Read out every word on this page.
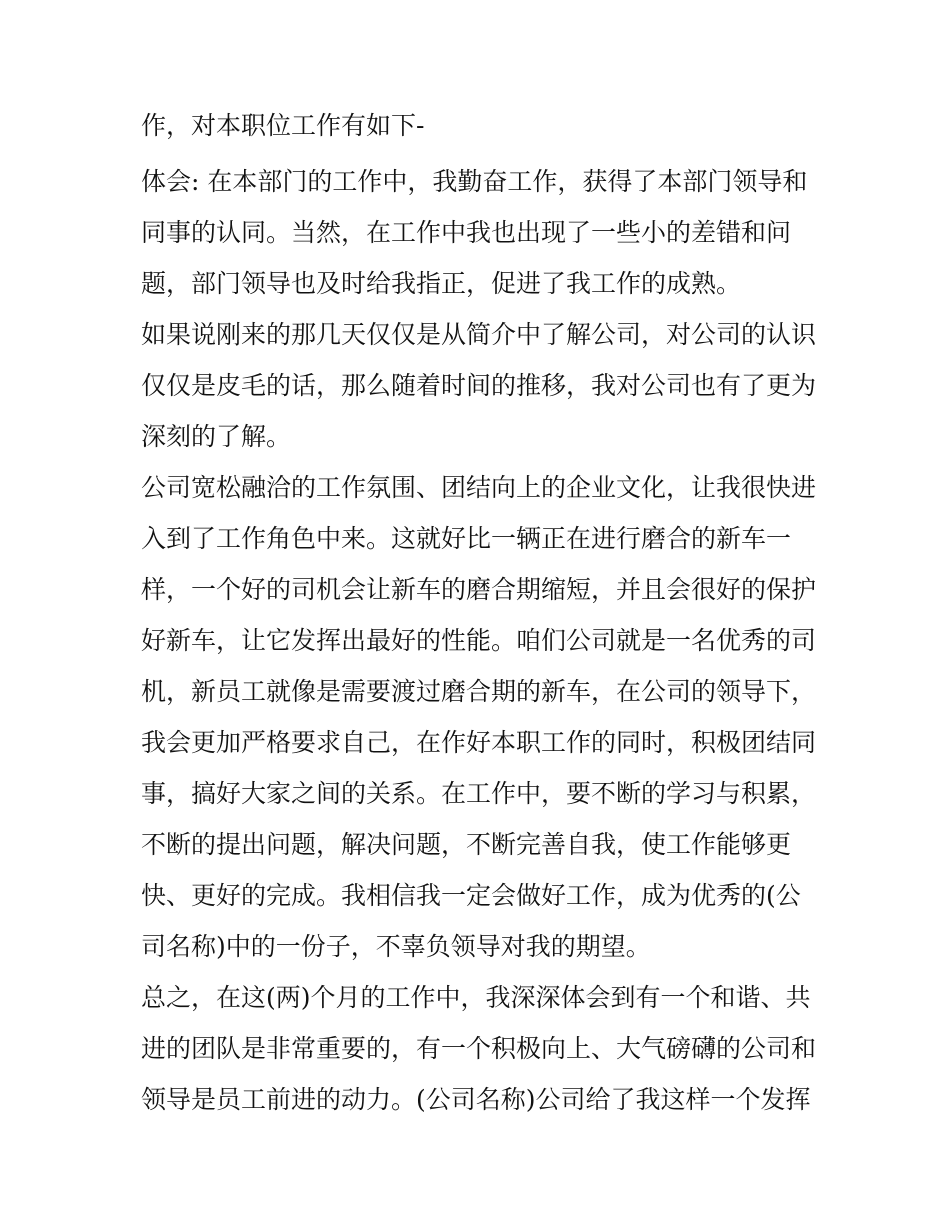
作，对本职位工作有如下-
体会: 在本部门的工作中，我勤奋工作，获得了本部门领导和
同事的认同。当然，在工作中我也出现了一些小的差错和问
题，部门领导也及时给我指正，促进了我工作的成熟。
如果说刚来的那几天仅仅是从简介中了解公司，对公司的认识
仅仅是皮毛的话，那么随着时间的推移，我对公司也有了更为
深刻的了解。
公司宽松融洽的工作氛围、团结向上的企业文化，让我很快进
入到了工作角色中来。这就好比一辆正在进行磨合的新车一
样，一个好的司机会让新车的磨合期缩短，并且会很好的保护
好新车，让它发挥出最好的性能。咱们公司就是一名优秀的司
机，新员工就像是需要渡过磨合期的新车，在公司的领导下，
我会更加严格要求自己，在作好本职工作的同时，积极团结同
事，搞好大家之间的关系。在工作中，要不断的学习与积累，
不断的提出问题，解决问题，不断完善自我，使工作能够更
快、更好的完成。我相信我一定会做好工作，成为优秀的(公
司名称)中的一份子，不辜负领导对我的期望。
总之，在这(两)个月的工作中，我深深体会到有一个和谐、共
进的团队是非常重要的，有一个积极向上、大气磅礴的公司和
领导是员工前进的动力。(公司名称)公司给了我这样一个发挥
